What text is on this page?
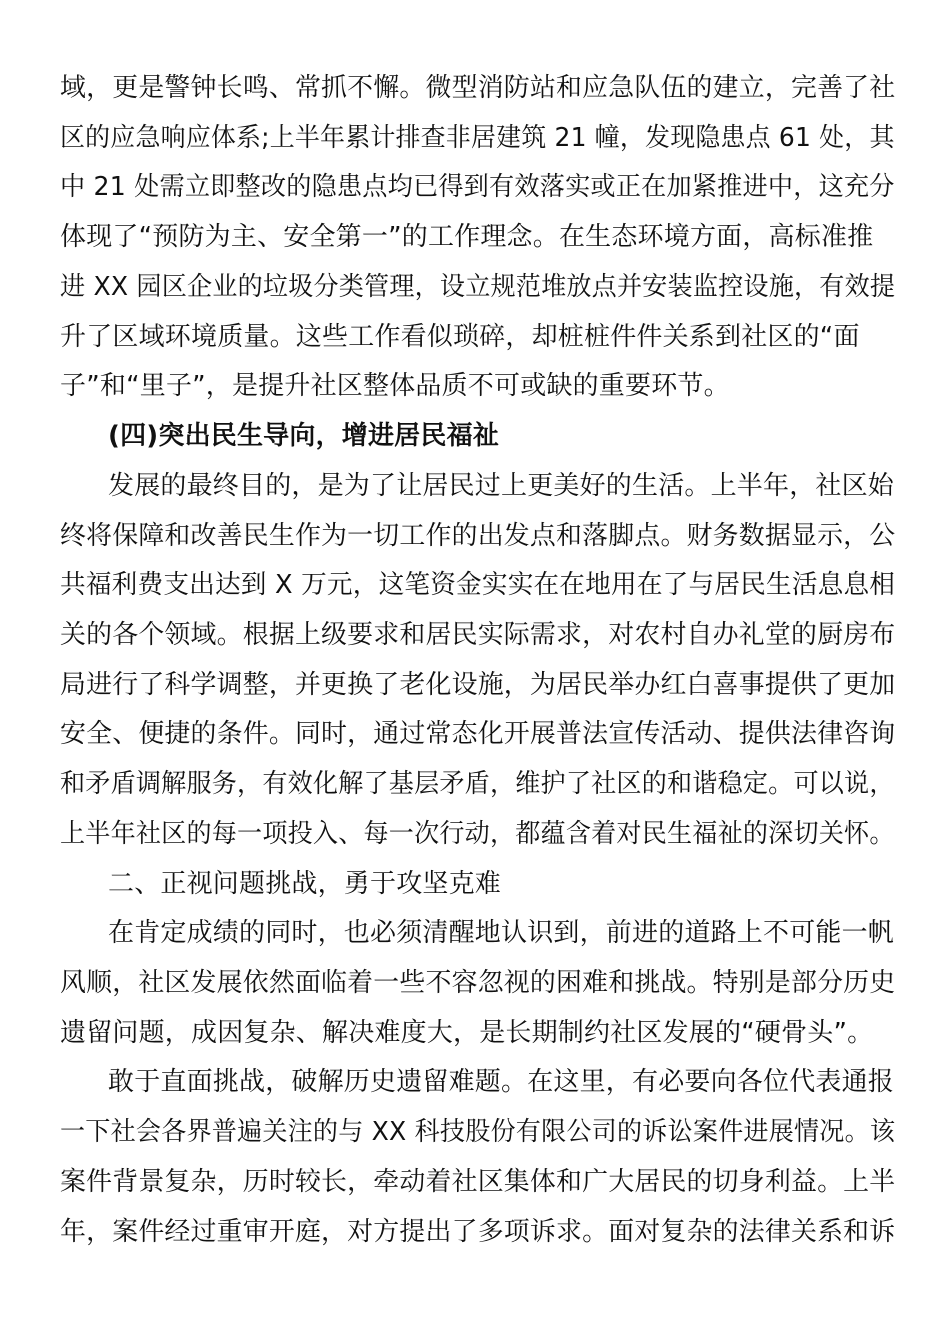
域，更是警钟长鸣、常抓不懈。微型消防站和应急队伍的建立，完善了社
区的应急响应体系;上半年累计排查非居建筑 21 幢，发现隐患点 61 处，其
中 21 处需立即整改的隐患点均已得到有效落实或正在加紧推进中，这充分
体现了“预防为主、安全第一”的工作理念。在生态环境方面，高标准推
进 XX 园区企业的垃圾分类管理，设立规范堆放点并安装监控设施，有效提
升了区域环境质量。这些工作看似琐碎，却桩桩件件关系到社区的“面
子”和“里子”，是提升社区整体品质不可或缺的重要环节。
(四)突出民生导向，增进居民福祉
发展的最终目的，是为了让居民过上更美好的生活。上半年，社区始
终将保障和改善民生作为一切工作的出发点和落脚点。财务数据显示，公
共福利费支出达到 X 万元，这笔资金实实在在地用在了与居民生活息息相
关的各个领域。根据上级要求和居民实际需求，对农村自办礼堂的厨房布
局进行了科学调整，并更换了老化设施，为居民举办红白喜事提供了更加
安全、便捷的条件。同时，通过常态化开展普法宣传活动、提供法律咨询
和矛盾调解服务，有效化解了基层矛盾，维护了社区的和谐稳定。可以说，
上半年社区的每一项投入、每一次行动，都蕴含着对民生福祉的深切关怀。
二、正视问题挑战，勇于攻坚克难
在肯定成绩的同时，也必须清醒地认识到，前进的道路上不可能一帆
风顺，社区发展依然面临着一些不容忽视的困难和挑战。特别是部分历史
遗留问题，成因复杂、解决难度大，是长期制约社区发展的“硬骨头”。
敢于直面挑战，破解历史遗留难题。在这里，有必要向各位代表通报
一下社会各界普遍关注的与 XX 科技股份有限公司的诉讼案件进展情况。该
案件背景复杂，历时较长，牵动着社区集体和广大居民的切身利益。上半
年，案件经过重审开庭，对方提出了多项诉求。面对复杂的法律关系和诉
